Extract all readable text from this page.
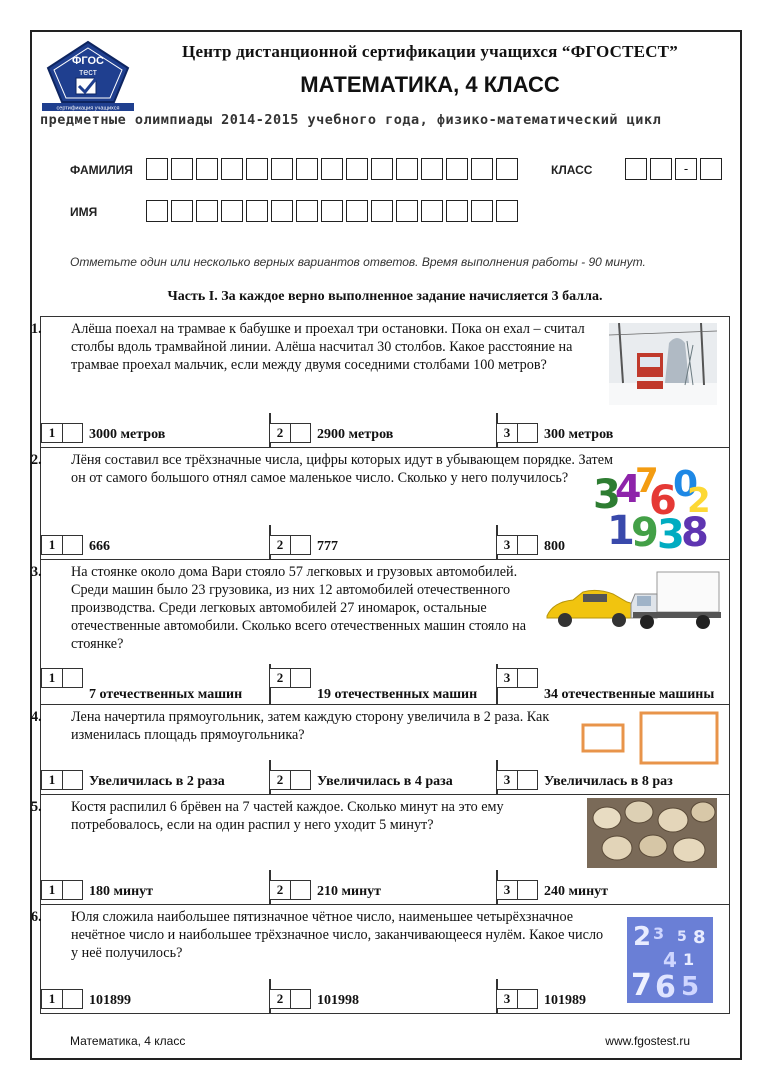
ФГОС
тест
сертификация учащихся
Центр дистанционной сертификации учащихся “ФГОСТЕСТ”
МАТЕМАТИКА, 4 КЛАСС
предметные олимпиады 2014-2015 учебного года, физико-математический цикл
ФАМИЛИЯ	КЛАСС	-
ИМЯ
Отметьте один или несколько верных вариантов ответов. Время выполнения работы - 90 минут.
Часть I. За каждое верно выполненное задание начисляется 3 балла.
1. Алёша поехал на трамвае к бабушке и проехал три остановки. Пока он ехал – считал столбы вдоль трамвайной линии. Алёша насчитал 30 столбов. Какое расстояние на трамвае проехал мальчик, если между двумя соседними столбами 100 метров?
1	3000 метров	2	2900 метров	3	300 метров
2. Лёня составил все трёхзначные числа, цифры которых идут в убывающем порядке. Затем он от самого большого отнял самое маленькое число. Сколько у него получилось? 3
4
7
6
0
2
1
9
3
8
1	666	2	777	3	800
3. На стоянке около дома Вари стояло 57 легковых и грузовых автомобилей. Среди машин было 23 грузовика, из них 12 автомобилей отечественного производства. Среди легковых автомобилей 27 иномарок, остальные отечественные автомобили. Сколько всего отечественных машин стояло на стоянке?
1
7 отечественных машин
2
19 отечественных машин
3
34 отечественные машины
4. Лена начертила прямоугольник, затем каждую сторону увеличила в 2 раза. Как изменилась площадь прямоугольника?
1	Увеличилась в 2 раза	2	Увеличилась в 4 раза	3	Увеличилась в 8 раз
5. Костя распилил 6 брёвен на 7 частей каждое. Сколько минут на это ему потребовалось, если на один распил у него уходит 5 минут?
1	180 минут	2	210 минут	3	240 минут
6. Юля сложила наибольшее пятизначное чётное число, наименьшее четырёхзначное нечётное число и наибольшее трёхзначное число, заканчивающееся нулём. Какое число у неё получилось?
2 3 5 8
4 1
7 6 5
1	101899	2	101998	3	101989
Математика, 4 класс	www.fgostest.ru
